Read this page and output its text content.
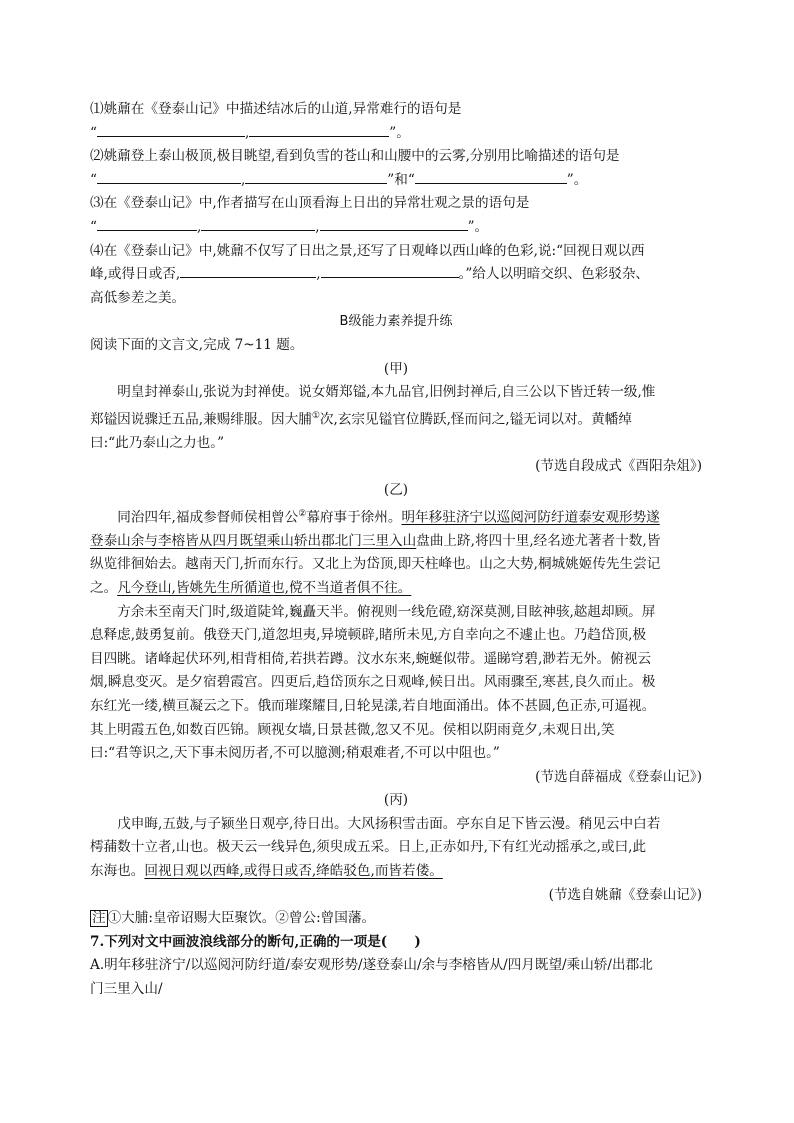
⑴姚鼐在《登泰山记》中描述结冰后的山道,异常难行的语句是
“	,	”。
⑵姚鼐登上泰山极顶,极目眺望,看到负雪的苍山和山腰中的云雾,分别用比喻描述的语句是
“	,	”和“	”。
⑶在《登泰山记》中,作者描写在山顶看海上日出的异常壮观之景的语句是
“	,	,	”。
⑷在《登泰山记》中,姚鼐不仅写了日出之景,还写了日观峰以西山峰的色彩,说:“回视日观以西
峰,或得日或否,	,	。”给人以明暗交织、色彩驳杂、
高低参差之美。
B级能力素养提升练
阅读下面的文言文,完成 7~11 题。
(甲)
明皇封禅泰山,张说为封禅使。说女婿郑镒,本九品官,旧例封禅后,自三公以下皆迁转一级,惟
郑镒因说骤迁五品,兼赐绯服。因大脯①次,玄宗见镒官位腾跃,怪而问之,镒无词以对。黄幡绰
曰:“此乃泰山之力也。”
(节选自段成式《酉阳杂俎》)
(乙)
同治四年,福成参督师侯相曾公②幕府事于徐州。明年移驻济宁以巡阅河防纡道泰安观形势遂
登泰山余与李榕皆从四月既望乘山轿出郡北门三里入山盘曲上跻,将四十里,经名迹尤著者十数,皆
纵览徘徊始去。越南天门,折而东行。又北上为岱顶,即天柱峰也。山之大势,桐城姚姬传先生尝记
之。凡今登山,皆姚先生所循道也,傥不当道者俱不往。
方余未至南天门时,级道陡耸,巍矗天半。俯视则一线危磴,窈深莫测,目眩神骇,趑趄却顾。屏
息释虑,鼓勇复前。俄登天门,道忽坦夷,异境顿辟,睹所未见,方自幸向之不遽止也。乃趋岱顶,极
目四眺。诸峰起伏环列,相背相倚,若拱若蹲。汶水东来,蜿蜒似带。遥睇穹碧,渺若无外。俯视云
烟,瞬息变灭。是夕宿碧霞宫。四更后,趋岱顶东之日观峰,候日出。风雨骤至,寒甚,良久而止。极
东红光一缕,横亘凝云之下。俄而璀璨耀目,日轮晃漾,若自地面涌出。体不甚圆,色正赤,可逼视。
其上明霞五色,如数百匹锦。顾视女墙,日景甚微,忽又不见。侯相以阴雨竟夕,未观日出,笑
曰:“君等识之,天下事未阅历者,不可以臆测;稍艰难者,不可以中阻也。”
(节选自薛福成《登泰山记》)
(丙)
戊申晦,五鼓,与子颍坐日观亭,待日出。大风扬积雪击面。亭东自足下皆云漫。稍见云中白若
樗蒱数十立者,山也。极天云一线异色,须臾成五采。日上,正赤如丹,下有红光动摇承之,或曰,此
东海也。回视日观以西峰,或得日或否,绛皓驳色,而皆若偻。
(节选自姚鼐《登泰山记》)
注 ①大脯:皇帝诏赐大臣聚饮。②曾公:曾国藩。
7.下列对文中画波浪线部分的断句,正确的一项是(　　)
A.明年移驻济宁/以巡阅河防纡道/泰安观形势/遂登泰山/余与李榕皆从/四月既望/乘山轿/出郡北
门三里入山/
